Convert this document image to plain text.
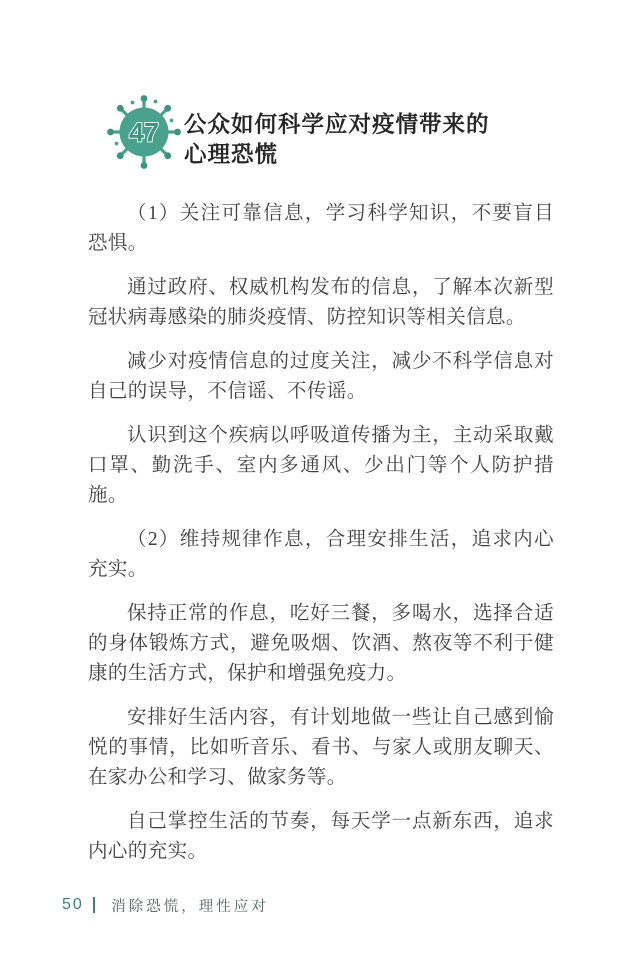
47 公众如何科学应对疫情带来的
心理恐慌

（1）关注可靠信息，学习科学知识，不要盲目恐惧。

通过政府、权威机构发布的信息，了解本次新型冠状病毒感染的肺炎疫情、防控知识等相关信息。

减少对疫情信息的过度关注，减少不科学信息对自己的误导，不信谣、不传谣。

认识到这个疾病以呼吸道传播为主，主动采取戴口罩、勤洗手、室内多通风、少出门等个人防护措施。

（2）维持规律作息，合理安排生活，追求内心充实。

保持正常的作息，吃好三餐，多喝水，选择合适的身体锻炼方式，避免吸烟、饮酒、熬夜等不利于健康的生活方式，保护和增强免疫力。

安排好生活内容，有计划地做一些让自己感到愉悦的事情，比如听音乐、看书、与家人或朋友聊天、在家办公和学习、做家务等。

自己掌控生活的节奏，每天学一点新东西，追求内心的充实。

50 消除恐慌，理性应对
